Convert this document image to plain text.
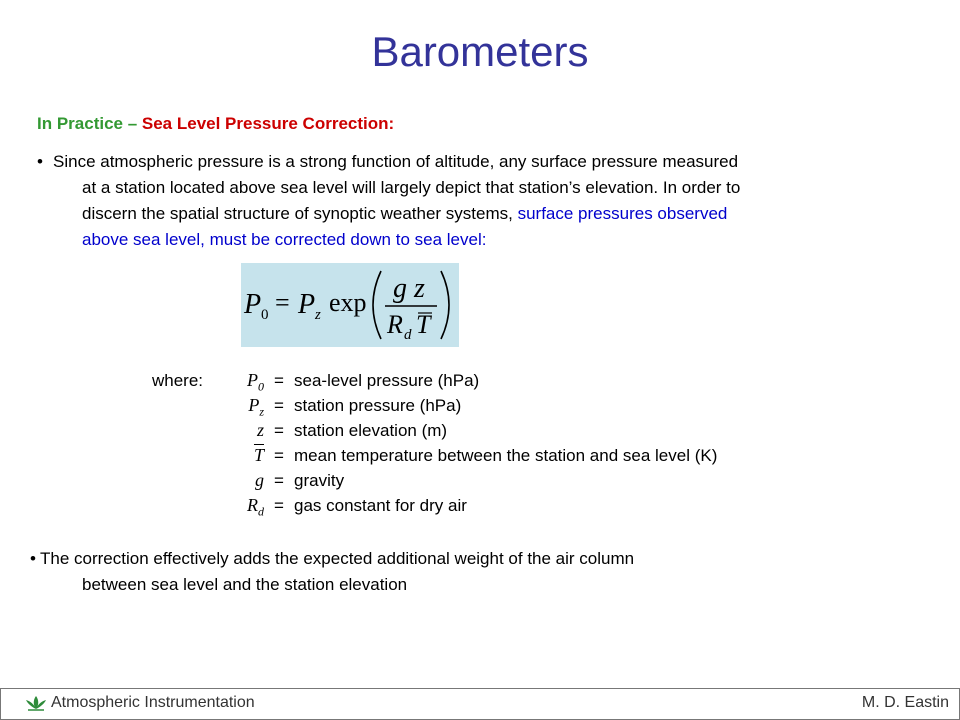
Barometers
In Practice – Sea Level Pressure Correction:
• Since atmospheric pressure is a strong function of altitude, any surface pressure measured
at a station located above sea level will largely depict that station’s elevation. In order to
discern the spatial structure of synoptic weather systems, surface pressures observed
above sea level, must be corrected down to sea level:
P 0 = P z exp g z
R d T
where:	$P_0$ = sea-level pressure (hPa)
$P_z$ = station pressure (hPa)
z = station elevation (m)
T = mean temperature between the station and sea level (K)
g = gravity
$R_d$ = gas constant for dry air
• The correction effectively adds the expected additional weight of the air column
between sea level and the station elevation
Atmospheric Instrumentation	M. D. Eastin
